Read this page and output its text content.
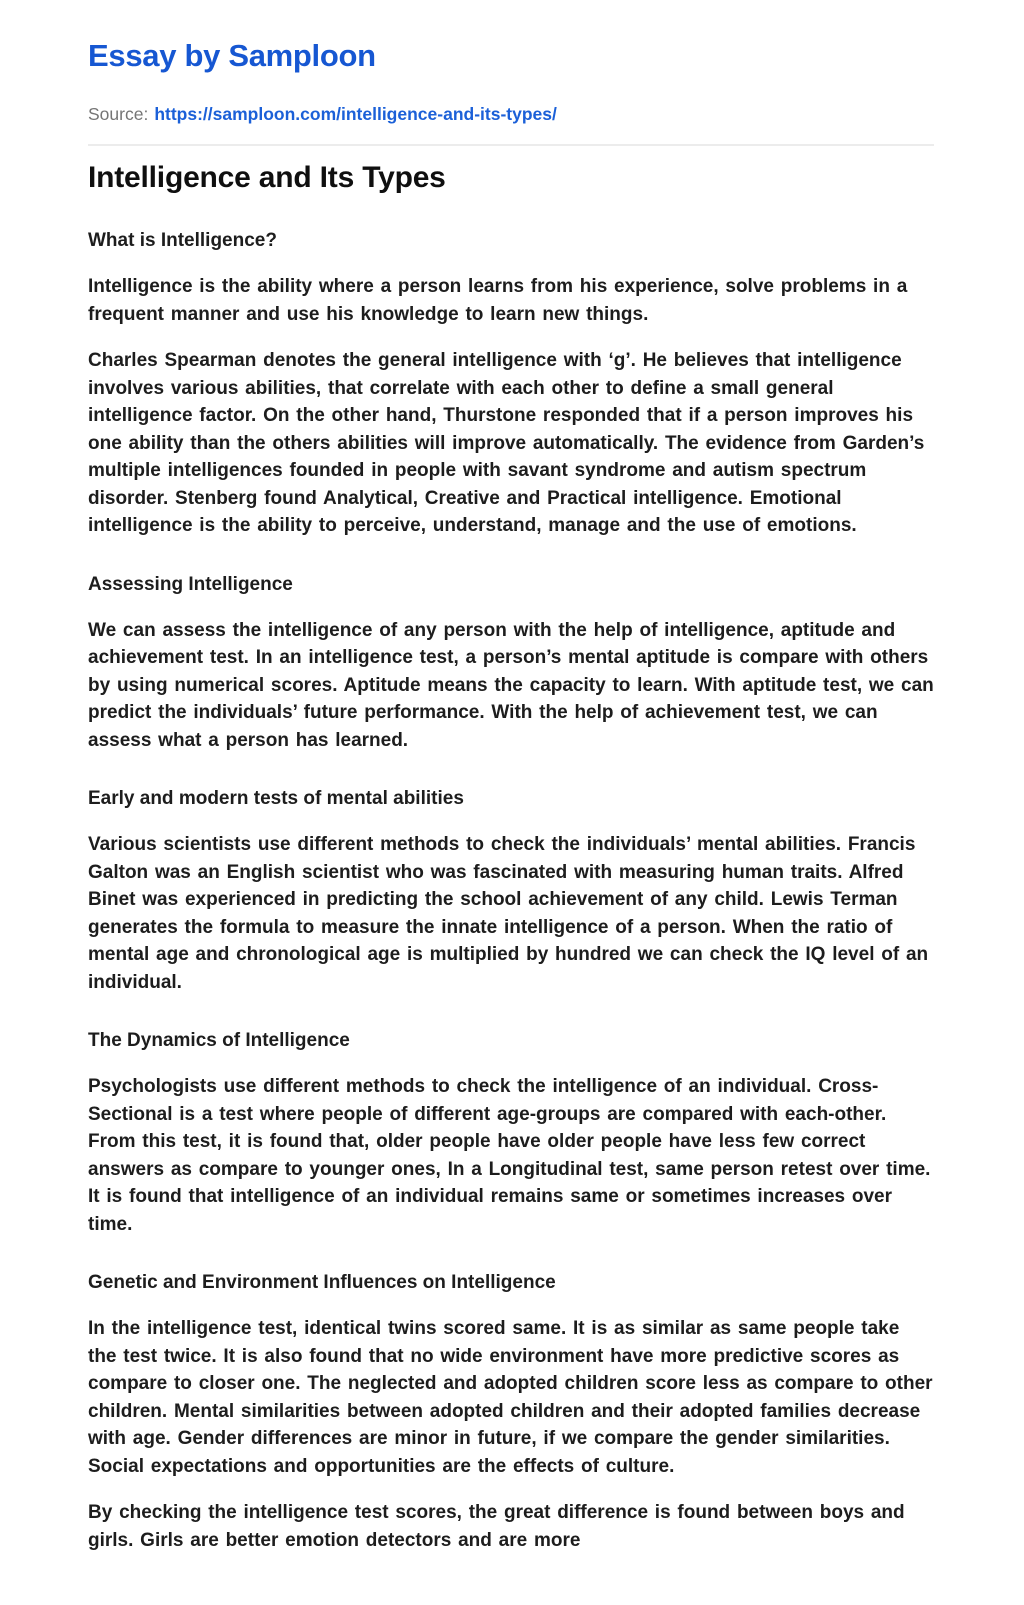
Essay by Samploon
Source: https://samploon.com/intelligence-and-its-types/
Intelligence and Its Types
What is Intelligence?

Intelligence is the ability where a person learns from his experience, solve problems in a frequent manner and use his knowledge to learn new things.

Charles Spearman denotes the general intelligence with ‘g’. He believes that intelligence involves various abilities, that correlate with each other to define a small general intelligence factor. On the other hand, Thurstone responded that if a person improves his one ability than the others abilities will improve automatically. The evidence from Garden’s multiple intelligences founded in people with savant syndrome and autism spectrum disorder. Stenberg found Analytical, Creative and Practical intelligence. Emotional intelligence is the ability to perceive, understand, manage and the use of emotions.

Assessing Intelligence

We can assess the intelligence of any person with the help of intelligence, aptitude and achievement test. In an intelligence test, a person’s mental aptitude is compare with others by using numerical scores. Aptitude means the capacity to learn. With aptitude test, we can predict the individuals’ future performance. With the help of achievement test, we can assess what a person has learned.

Early and modern tests of mental abilities

Various scientists use different methods to check the individuals’ mental abilities. Francis Galton was an English scientist who was fascinated with measuring human traits. Alfred Binet was experienced in predicting the school achievement of any child. Lewis Terman generates the formula to measure the innate intelligence of a person. When the ratio of mental age and chronological age is multiplied by hundred we can check the IQ level of an individual.

The Dynamics of Intelligence

Psychologists use different methods to check the intelligence of an individual. Cross-Sectional is a test where people of different age-groups are compared with each-other. From this test, it is found that, older people have older people have less few correct answers as compare to younger ones, In a Longitudinal test, same person retest over time. It is found that intelligence of an individual remains same or sometimes increases over time.

Genetic and Environment Influences on Intelligence

In the intelligence test, identical twins scored same. It is as similar as same people take the test twice. It is also found that no wide environment have more predictive scores as compare to closer one. The neglected and adopted children score less as compare to other children. Mental similarities between adopted children and their adopted families decrease with age. Gender differences are minor in future, if we compare the gender similarities. Social expectations and opportunities are the effects of culture.

By checking the intelligence test scores, the great difference is found between boys and girls. Girls are better emotion detectors and are more
